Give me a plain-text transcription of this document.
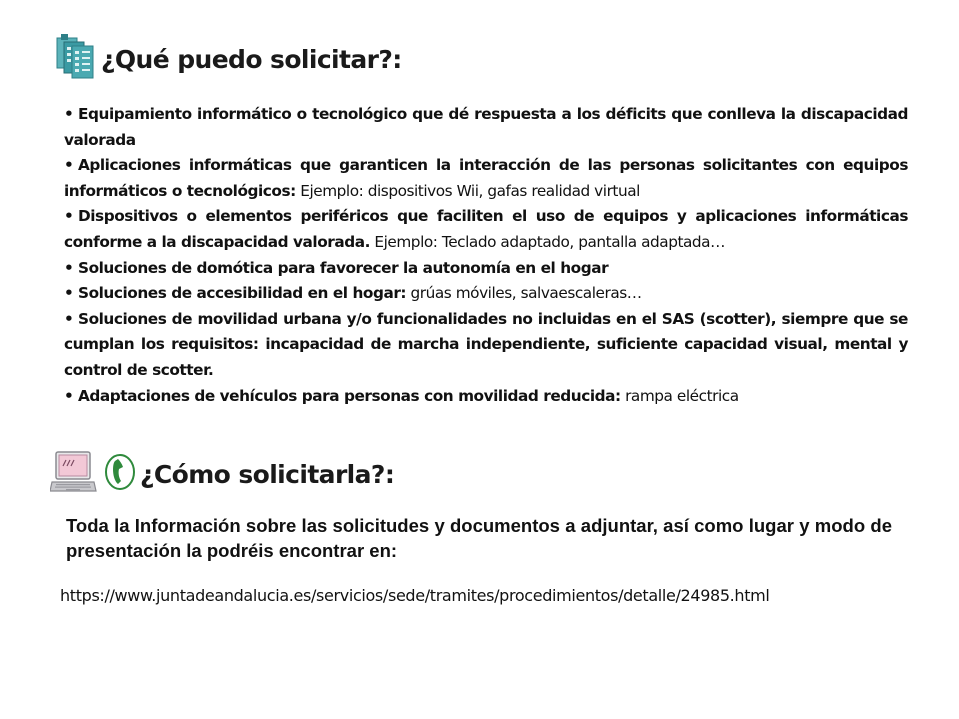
¿Qué puedo solicitar?:
• Equipamiento informático o tecnológico que dé respuesta a los déficits que conlleva la discapacidad valorada
• Aplicaciones informáticas que garanticen la interacción de las personas solicitantes con equipos informáticos o tecnológicos: Ejemplo: dispositivos Wii, gafas realidad virtual
• Dispositivos o elementos periféricos que faciliten el uso de equipos y aplicaciones informáticas conforme a la discapacidad valorada. Ejemplo: Teclado adaptado, pantalla adaptada…
• Soluciones de domótica para favorecer la autonomía en el hogar
• Soluciones de accesibilidad en el hogar: grúas móviles, salvaescaleras…
• Soluciones de movilidad urbana y/o funcionalidades no incluidas en el SAS (scotter), siempre que se cumplan los requisitos: incapacidad de marcha independiente, suficiente capacidad visual, mental y control de scotter.
• Adaptaciones de vehículos para personas con movilidad reducida: rampa eléctrica
¿Cómo solicitarla?:
Toda la Información sobre las solicitudes y documentos a adjuntar, así como lugar y modo de presentación la podréis encontrar en:
https://www.juntadeandalucia.es/servicios/sede/tramites/procedimientos/detalle/24985.html
